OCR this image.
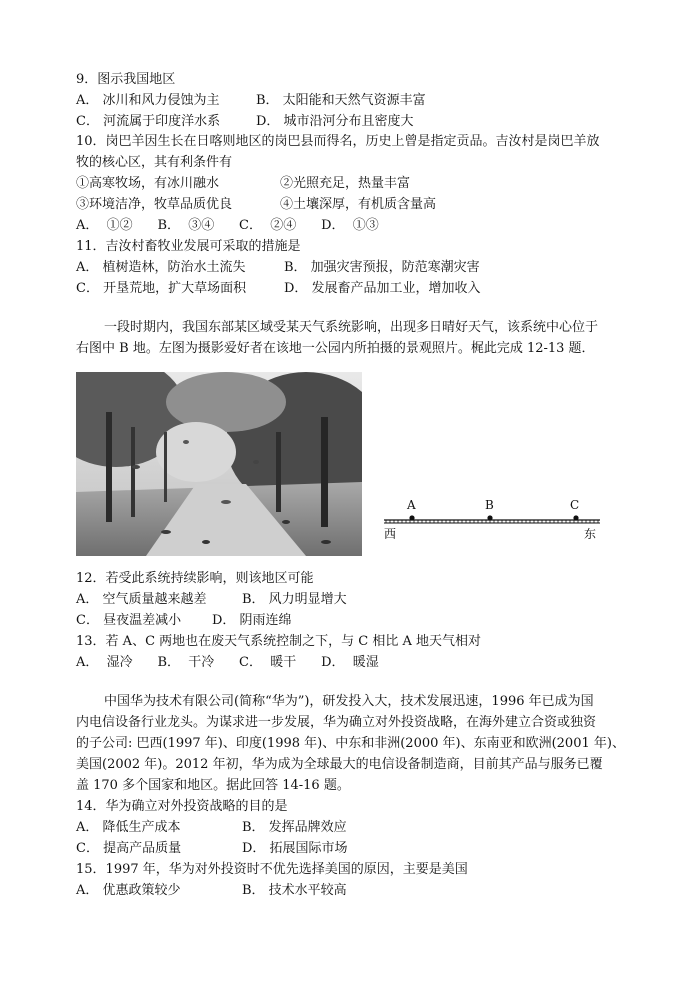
9．图示我国地区
A． 冰川和风力侵蚀为主	B． 太阳能和天然气资源丰富
C． 河流属于印度洋水系	D． 城市沿河分布且密度大
10．岗巴羊因生长在日喀则地区的岗巴县而得名，历史上曾是指定贡品。吉汝村是岗巴羊放
牧的核心区，其有利条件有
①高寒牧场，有冰川融水	②光照充足，热量丰富
③环境洁净，牧草品质优良	④土壤深厚，有机质含量高
A．  ①②      B．  ③④      C．  ②④      D．  ①③
11．吉汝村畜牧业发展可采取的措施是
A． 植树造林，防治水土流失	B． 加强灾害预报，防范寒潮灾害
C． 开垦荒地，扩大草场面积	D． 发展畜产品加工业，增加收入
一段时期内，我国东部某区域受某天气系统影响，出现多日晴好天气，该系统中心位于
右图中 B 地。左图为摄影爱好者在该地一公园内所拍摄的景观照片。梶此完成 12-13 题．
A	B	C
西	东
12．若受此系统持续影响，则该地区可能
A． 空气质量越来越差	B． 风力明显增大
C． 昼夜温差减小 D． 阴雨连绵
13．若 A、C 两地也在废天气系统控制之下，与 C 相比 A 地天气相对
A．  湿冷      B．  干冷      C．  暖干      D．  暖湿
中国华为技术有限公司(简称“华为”)，研发投入大，技术发展迅速，1996 年已成为国
内电信设备行业龙头。为谋求进一步发展，华为确立对外投资战略，在海外建立合资或独资
的子公司: 巴西(1997 年)、印度(1998 年)、中东和非洲(2000 年)、东南亚和欧洲(2001 年)、
美国(2002 年)。2012 年初，华为成为全球最大的电信设备制造商，目前其产品与服务已覆
盖 170 多个国家和地区。据此回答 14-16 题。
14．华为确立对外投资战略的目的是
A． 降低生产成本	B． 发挥品牌效应
C． 提高产品质量	D． 拓展国际市场
15．1997 年，华为对外投资时不优先选择美国的原因，主要是美国
A． 优惠政策较少	B． 技术水平较高
